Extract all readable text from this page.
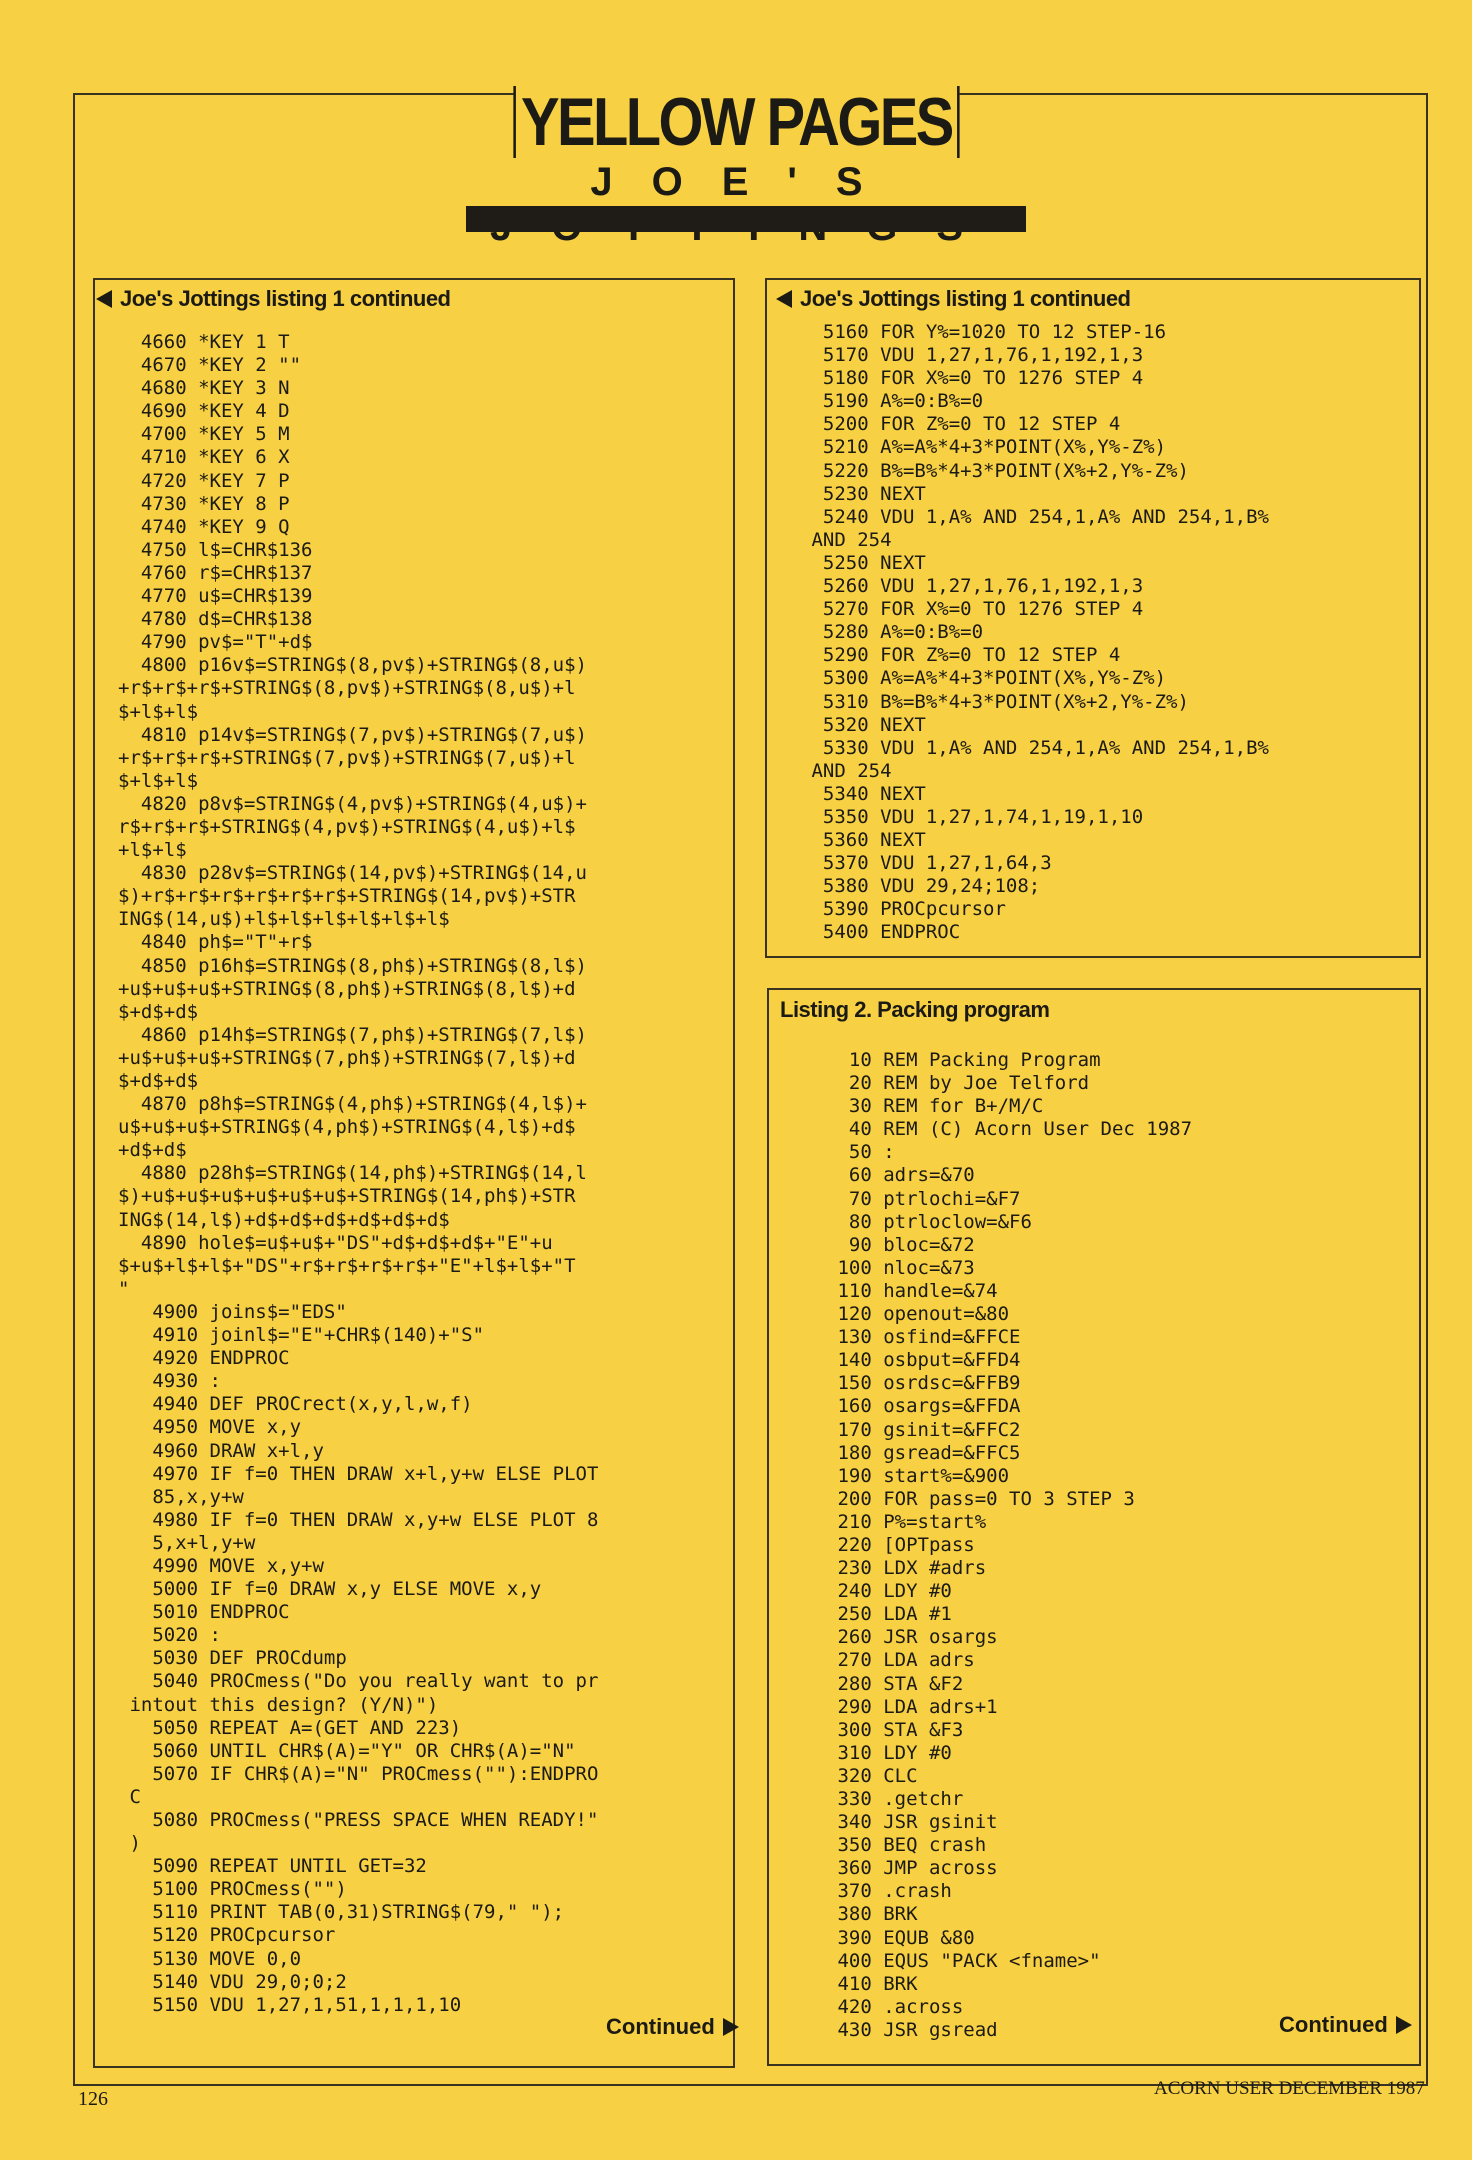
YELLOW PAGES
JOE'S
Joe's Jottings listing 1 continued
4660 *KEY 1 T
4670 *KEY 2 ""
4680 *KEY 3 N
4690 *KEY 4 D
4700 *KEY 5 M
4710 *KEY 6 X
4720 *KEY 7 P
4730 *KEY 8 P
4740 *KEY 9 Q
4750 l$=CHR$136
4760 r$=CHR$137
4770 u$=CHR$139
4780 d$=CHR$138
4790 pv$="T"+d$
4800 p16v$=STRING$(8,pv$)+STRING$(8,u$)
+r$+r$+r$+STRING$(8,pv$)+STRING$(8,u$)+l
$+l$+l$
4810 p14v$=STRING$(7,pv$)+STRING$(7,u$)
+r$+r$+r$+STRING$(7,pv$)+STRING$(7,u$)+l
$+l$+l$
4820 p8v$=STRING$(4,pv$)+STRING$(4,u$)+
r$+r$+r$+STRING$(4,pv$)+STRING$(4,u$)+l$
+l$+l$
4830 p28v$=STRING$(14,pv$)+STRING$(14,u
$)+r$+r$+r$+r$+r$+r$+STRING$(14,pv$)+STR
ING$(14,u$)+l$+l$+l$+l$+l$+l$
4840 ph$="T"+r$
4850 p16h$=STRING$(8,ph$)+STRING$(8,l$)
+u$+u$+u$+STRING$(8,ph$)+STRING$(8,l$)+d
$+d$+d$
4860 p14h$=STRING$(7,ph$)+STRING$(7,l$)
+u$+u$+u$+STRING$(7,ph$)+STRING$(7,l$)+d
$+d$+d$
4870 p8h$=STRING$(4,ph$)+STRING$(4,l$)+
u$+u$+u$+STRING$(4,ph$)+STRING$(4,l$)+d$
+d$+d$
4880 p28h$=STRING$(14,ph$)+STRING$(14,l
$)+u$+u$+u$+u$+u$+u$+STRING$(14,ph$)+STR
ING$(14,l$)+d$+d$+d$+d$+d$+d$
4890 hole$=u$+u$+"DS"+d$+d$+d$+"E"+u
$+u$+l$+l$+"DS"+r$+r$+r$+r$+"E"+l$+l$+"T
"
4900 joins$="EDS"
4910 joinl$="E"+CHR$(140)+"S"
4920 ENDPROC
4930 :
4940 DEF PROCrect(x,y,l,w,f)
4950 MOVE x,y
4960 DRAW x+l,y
4970 IF f=0 THEN DRAW x+l,y+w ELSE PLOT
85,x,y+w
4980 IF f=0 THEN DRAW x,y+w ELSE PLOT 8
5,x+l,y+w
4990 MOVE x,y+w
5000 IF f=0 DRAW x,y ELSE MOVE x,y
5010 ENDPROC
5020 :
5030 DEF PROCdump
5040 PROCmess("Do you really want to pr
intout this design? (Y/N)")
5050 REPEAT A=(GET AND 223)
5060 UNTIL CHR$(A)="Y" OR CHR$(A)="N"
5070 IF CHR$(A)="N" PROCmess(""):ENDPRO
C
5080 PROCmess("PRESS SPACE WHEN READY!"
)
5090 REPEAT UNTIL GET=32
5100 PROCmess("")
5110 PRINT TAB(0,31)STRING$(79," ");
5120 PROCpcursor
5130 MOVE 0,0
5140 VDU 29,0;0;2
5150 VDU 1,27,1,51,1,1,1,10
Continued
Joe's Jottings listing 1 continued
5160 FOR Y%=1020 TO 12 STEP-16
5170 VDU 1,27,1,76,1,192,1,3
5180 FOR X%=0 TO 1276 STEP 4
5190 A%=0:B%=0
5200 FOR Z%=0 TO 12 STEP 4
5210 A%=A%*4+3*POINT(X%,Y%-Z%)
5220 B%=B%*4+3*POINT(X%+2,Y%-Z%)
5230 NEXT
5240 VDU 1,A% AND 254,1,A% AND 254,1,B%
AND 254
5250 NEXT
5260 VDU 1,27,1,76,1,192,1,3
5270 FOR X%=0 TO 1276 STEP 4
5280 A%=0:B%=0
5290 FOR Z%=0 TO 12 STEP 4
5300 A%=A%*4+3*POINT(X%,Y%-Z%)
5310 B%=B%*4+3*POINT(X%+2,Y%-Z%)
5320 NEXT
5330 VDU 1,A% AND 254,1,A% AND 254,1,B%
AND 254
5340 NEXT
5350 VDU 1,27,1,74,1,19,1,10
5360 NEXT
5370 VDU 1,27,1,64,3
5380 VDU 29,24;108;
5390 PROCpcursor
5400 ENDPROC
Listing 2. Packing program
10 REM Packing Program
20 REM by Joe Telford
30 REM for B+/M/C
40 REM (C) Acorn User Dec 1987
50 :
60 adrs=&70
70 ptrlochi=&F7
80 ptrloclow=&F6
90 bloc=&72
100 nloc=&73
110 handle=&74
120 openout=&80
130 osfind=&FFCE
140 osbput=&FFD4
150 osrdsc=&FFB9
160 osargs=&FFDA
170 gsinit=&FFC2
180 gsread=&FFC5
190 start%=&900
200 FOR pass=0 TO 3 STEP 3
210 P%=start%
220 [OPTpass
230 LDX #adrs
240 LDY #0
250 LDA #1
260 JSR osargs
270 LDA adrs
280 STA &F2
290 LDA adrs+1
300 STA &F3
310 LDY #0
320 CLC
330 .getchr
340 JSR gsinit
350 BEQ crash
360 JMP across
370 .crash
380 BRK
390 EQUB &80
400 EQUS "PACK <fname>"
410 BRK
420 .across
430 JSR gsread	Continued
126	ACORN USER DECEMBER 1987
